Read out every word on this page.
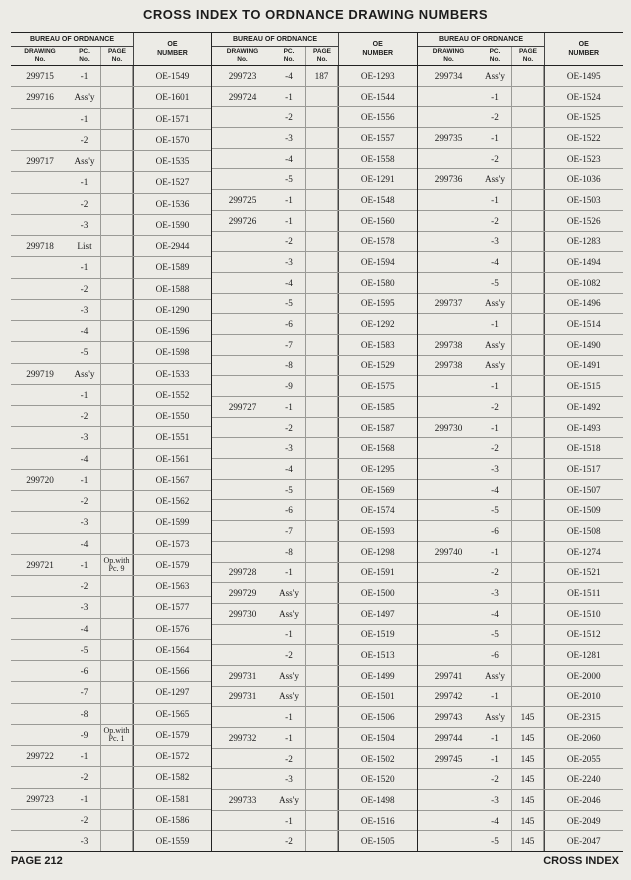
CROSS INDEX TO ORDNANCE DRAWING NUMBERS
BUREAU OF ORDNANCE
DRAWING
No.
PC.
No.
PAGE
No.
OE
NUMBER
299715	-1	OE-1549
299716	Ass'y	OE-1601
-1	OE-1571
-2	OE-1570
299717	Ass'y	OE-1535
-1	OE-1527
-2	OE-1536
-3	OE-1590
299718	List	OE-2944
-1	OE-1589
-2	OE-1588
-3	OE-1290
-4	OE-1596
-5	OE-1598
299719	Ass'y	OE-1533
-1	OE-1552
-2	OE-1550
-3	OE-1551
-4	OE-1561
299720	-1	OE-1567
-2	OE-1562
-3	OE-1599
-4	OE-1573
299721	-1	Op.with Pc. 9	OE-1579
-2	OE-1563
-3	OE-1577
-4	OE-1576
-5	OE-1564
-6	OE-1566
-7	OE-1297
-8	OE-1565
-9	Op.with Pc. 1	OE-1579
299722	-1	OE-1572
-2	OE-1582
299723	-1	OE-1581
-2	OE-1586
-3	OE-1559
BUREAU OF ORDNANCE
DRAWING
No.
PC.
No.
PAGE
No.
OE
NUMBER
299723	-4	187	OE-1293
299724	-1	OE-1544
-2	OE-1556
-3	OE-1557
-4	OE-1558
-5	OE-1291
299725	-1	OE-1548
299726	-1	OE-1560
-2	OE-1578
-3	OE-1594
-4	OE-1580
-5	OE-1595
-6	OE-1292
-7	OE-1583
-8	OE-1529
-9	OE-1575
299727	-1	OE-1585
-2	OE-1587
-3	OE-1568
-4	OE-1295
-5	OE-1569
-6	OE-1574
-7	OE-1593
-8	OE-1298
299728	-1	OE-1591
299729	Ass'y	OE-1500
299730	Ass'y	OE-1497
-1	OE-1519
-2	OE-1513
299731	Ass'y	OE-1499
299731	Ass'y	OE-1501
-1	OE-1506
299732	-1	OE-1504
-2	OE-1502
-3	OE-1520
299733	Ass'y	OE-1498
-1	OE-1516
-2	OE-1505
BUREAU OF ORDNANCE
DRAWING
No.
PC.
No.
PAGE
No.
OE
NUMBER
299734	Ass'y	OE-1495
-1	OE-1524
-2	OE-1525
299735	-1	OE-1522
-2	OE-1523
299736	Ass'y	OE-1036
-1	OE-1503
-2	OE-1526
-3	OE-1283
-4	OE-1494
-5	OE-1082
299737	Ass'y	OE-1496
-1	OE-1514
299738	Ass'y	OE-1490
299738	Ass'y	OE-1491
-1	OE-1515
-2	OE-1492
299730	-1	OE-1493
-2	OE-1518
-3	OE-1517
-4	OE-1507
-5	OE-1509
-6	OE-1508
299740	-1	OE-1274
-2	OE-1521
-3	OE-1511
-4	OE-1510
-5	OE-1512
-6	OE-1281
299741	Ass'y	OE-2000
299742	-1	OE-2010
299743	Ass'y	145	OE-2315
299744	-1	145	OE-2060
299745	-1	145	OE-2055
-2	145	OE-2240
-3	145	OE-2046
-4	145	OE-2049
-5	145	OE-2047
PAGE 212	CROSS INDEX
